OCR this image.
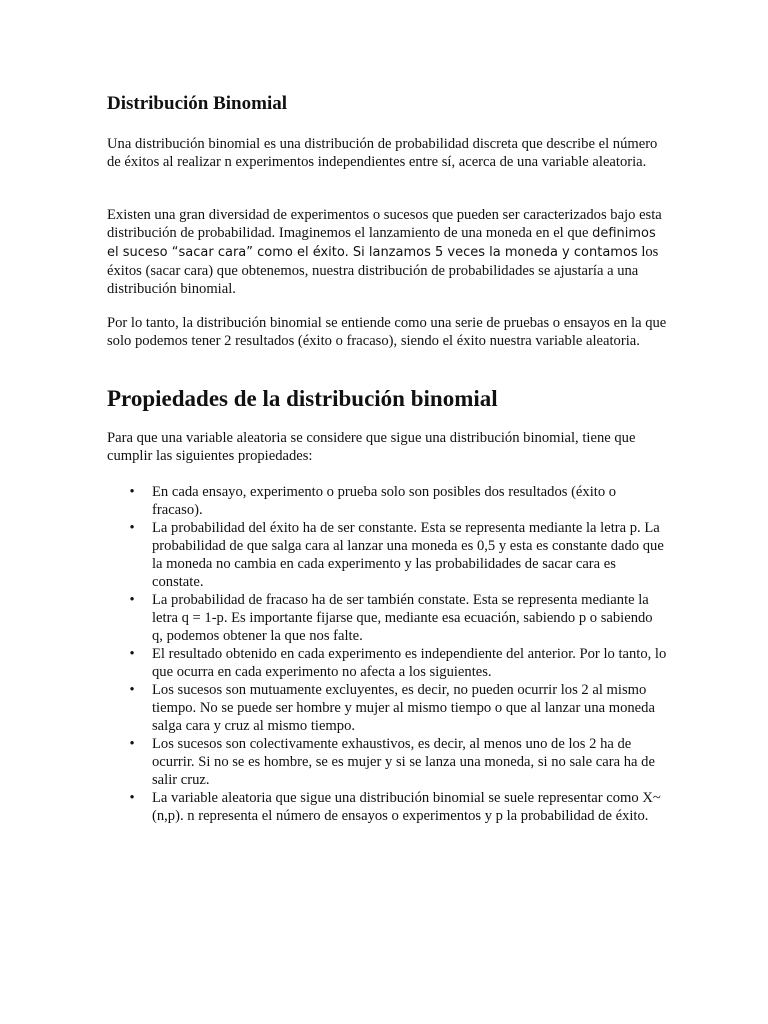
Distribución Binomial

Una distribución binomial es una distribución de probabilidad discreta que describe el número de éxitos al realizar n experimentos independientes entre sí, acerca de una variable aleatoria.

Existen una gran diversidad de experimentos o sucesos que pueden ser caracterizados bajo esta distribución de probabilidad. Imaginemos el lanzamiento de una moneda en el que definimos el suceso “sacar cara” como el éxito. Si lanzamos 5 veces la moneda y contamos los éxitos (sacar cara) que obtenemos, nuestra distribución de probabilidades se ajustaría a una distribución binomial.

Por lo tanto, la distribución binomial se entiende como una serie de pruebas o ensayos en la que solo podemos tener 2 resultados (éxito o fracaso), siendo el éxito nuestra variable aleatoria.

Propiedades de la distribución binomial

Para que una variable aleatoria se considere que sigue una distribución binomial, tiene que cumplir las siguientes propiedades:

• En cada ensayo, experimento o prueba solo son posibles dos resultados (éxito o fracaso).
• La probabilidad del éxito ha de ser constante. Esta se representa mediante la letra p. La probabilidad de que salga cara al lanzar una moneda es 0,5 y esta es constante dado que la moneda no cambia en cada experimento y las probabilidades de sacar cara es constate.
• La probabilidad de fracaso ha de ser también constate. Esta se representa mediante la letra q = 1-p. Es importante fijarse que, mediante esa ecuación, sabiendo p o sabiendo q, podemos obtener la que nos falte.
• El resultado obtenido en cada experimento es independiente del anterior. Por lo tanto, lo que ocurra en cada experimento no afecta a los siguientes.
• Los sucesos son mutuamente excluyentes, es decir, no pueden ocurrir los 2 al mismo tiempo. No se puede ser hombre y mujer al mismo tiempo o que al lanzar una moneda salga cara y cruz al mismo tiempo.
• Los sucesos son colectivamente exhaustivos, es decir, al menos uno de los 2 ha de ocurrir. Si no se es hombre, se es mujer y si se lanza una moneda, si no sale cara ha de salir cruz.
• La variable aleatoria que sigue una distribución binomial se suele representar como X~(n,p). n representa el número de ensayos o experimentos y p la probabilidad de éxito.
